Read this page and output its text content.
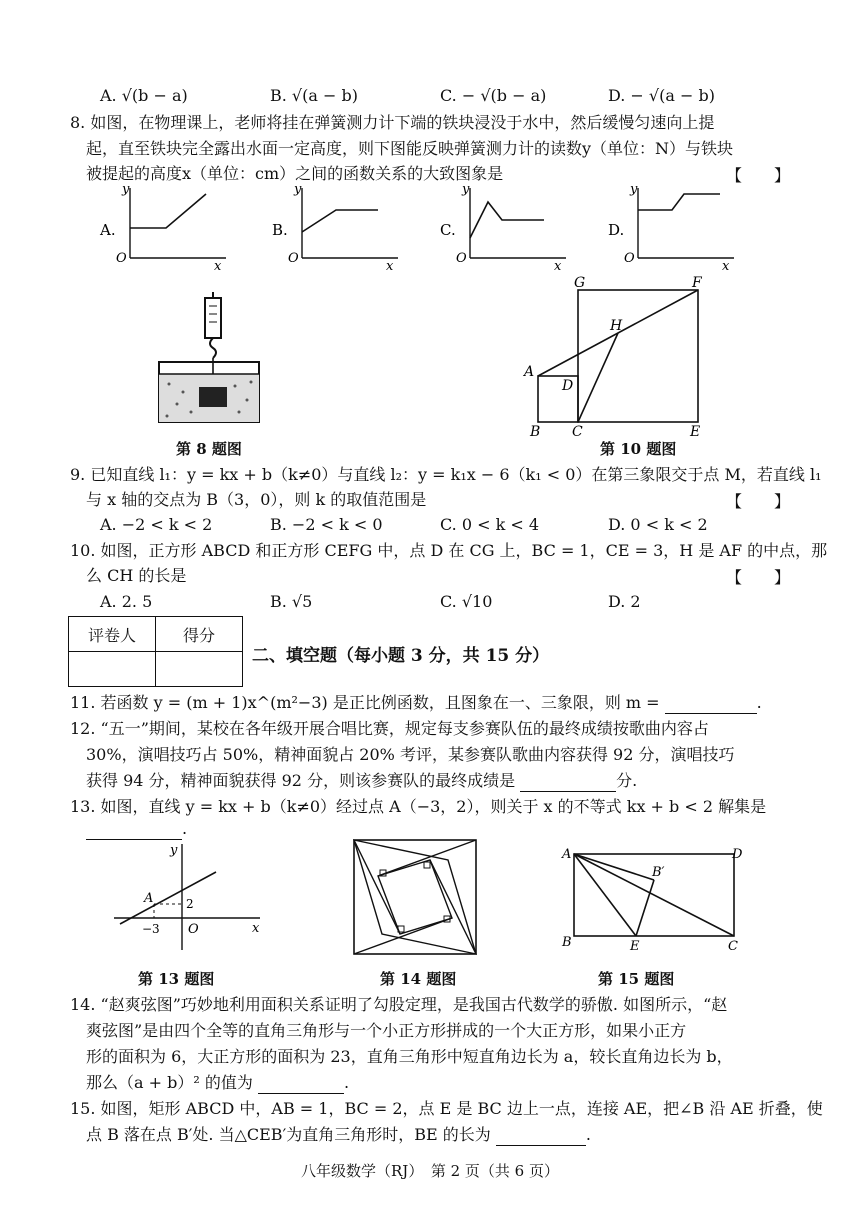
A. √(b − a)	B. √(a − b)	C. − √(b − a)	D. − √(a − b)
8. 如图，在物理课上，老师将挂在弹簧测力计下端的铁块浸没于水中，然后缓慢匀速向上提
起，直至铁块完全露出水面一定高度，则下图能反映弹簧测力计的读数y（单位：N）与铁块
被提起的高度x（单位：cm）之间的函数关系的大致图象是	【　　】
A.
y
x
O
B.
y
x
O
C.
y
x
O
D.
y
x
O
第 8 题图
G	F
H
A
D
B C	E
第 10 题图
9. 已知直线 l₁：y = kx + b（k≠0）与直线 l₂：y = k₁x − 6（k₁ < 0）在第三象限交于点 M，若直线 l₁
与 x 轴的交点为 B（3，0），则 k 的取值范围是	【　　】
A. −2 < k < 2	B. −2 < k < 0	C. 0 < k < 4	D. 0 < k < 2
10. 如图，正方形 ABCD 和正方形 CEFG 中，点 D 在 CG 上，BC = 1，CE = 3，H 是 AF 的中点，那
么 CH 的长是	【　　】
A. 2. 5	B. √5	C. √10	D. 2
评卷人	得分

二、填空题（每小题 3 分，共 15 分）
11. 若函数 y = (m + 1)x^(m²−3) 是正比例函数，且图象在一、三象限，则 m =	.
12. “五一”期间，某校在各年级开展合唱比赛，规定每支参赛队伍的最终成绩按歌曲内容占
30%，演唱技巧占 50%，精神面貌占 20% 考评，某参赛队歌曲内容获得 92 分，演唱技巧
获得 94 分，精神面貌获得 92 分，则该参赛队的最终成绩是	分.
13. 如图，直线 y = kx + b（k≠0）经过点 A（−3，2），则关于 x 的不等式 kx + b < 2 解集是
.
y
x
O
A	2
−3
第 13 题图	第 14 题图
A	D
B′
B	E	C
第 15 题图
14. “赵爽弦图”巧妙地利用面积关系证明了勾股定理，是我国古代数学的骄傲. 如图所示，“赵
爽弦图”是由四个全等的直角三角形与一个小正方形拼成的一个大正方形，如果小正方
形的面积为 6，大正方形的面积为 23，直角三角形中短直角边长为 a，较长直角边长为 b，
那么（a + b）² 的值为	.
15. 如图，矩形 ABCD 中，AB = 1，BC = 2，点 E 是 BC 边上一点，连接 AE，把∠B 沿 AE 折叠，使
点 B 落在点 B′处. 当△CEB′为直角三角形时，BE 的长为	.
八年级数学（RJ）　第 2 页（共 6 页）
